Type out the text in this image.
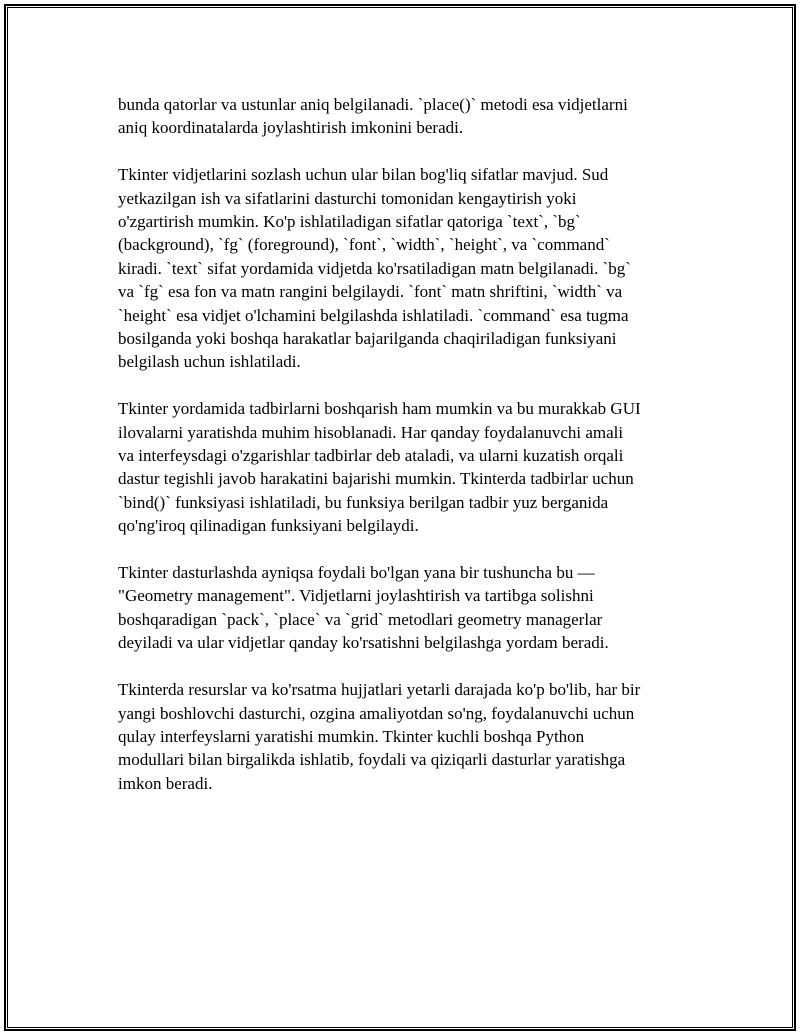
bunda qatorlar va ustunlar aniq belgilanadi. `place()` metodi esa vidjetlarni
aniq koordinatalarda joylashtirish imkonini beradi.

Tkinter vidjetlarini sozlash uchun ular bilan bog'liq sifatlar mavjud. Sud
yetkazilgan ish va sifatlarini dasturchi tomonidan kengaytirish yoki
o'zgartirish mumkin. Ko'p ishlatiladigan sifatlar qatoriga `text`, `bg`
(background), `fg` (foreground), `font`, `width`, `height`, va `command`
kiradi. `text` sifat yordamida vidjetda ko'rsatiladigan matn belgilanadi. `bg`
va `fg` esa fon va matn rangini belgilaydi. `font` matn shriftini, `width` va
`height` esa vidjet o'lchamini belgilashda ishlatiladi. `command` esa tugma
bosilganda yoki boshqa harakatlar bajarilganda chaqiriladigan funksiyani
belgilash uchun ishlatiladi.

Tkinter yordamida tadbirlarni boshqarish ham mumkin va bu murakkab GUI
ilovalarni yaratishda muhim hisoblanadi. Har qanday foydalanuvchi amali
va interfeysdagi o'zgarishlar tadbirlar deb ataladi, va ularni kuzatish orqali
dastur tegishli javob harakatini bajarishi mumkin. Tkinterda tadbirlar uchun
`bind()` funksiyasi ishlatiladi, bu funksiya berilgan tadbir yuz berganida
qo'ng'iroq qilinadigan funksiyani belgilaydi.

Tkinter dasturlashda ayniqsa foydali bo'lgan yana bir tushuncha bu —
"Geometry management". Vidjetlarni joylashtirish va tartibga solishni
boshqaradigan `pack`, `place` va `grid` metodlari geometry managerlar
deyiladi va ular vidjetlar qanday ko'rsatishni belgilashga yordam beradi.

Tkinterda resurslar va ko'rsatma hujjatlari yetarli darajada ko'p bo'lib, har bir
yangi boshlovchi dasturchi, ozgina amaliyotdan so'ng, foydalanuvchi uchun
qulay interfeyslarni yaratishi mumkin. Tkinter kuchli boshqa Python
modullari bilan birgalikda ishlatib, foydali va qiziqarli dasturlar yaratishga
imkon beradi.
